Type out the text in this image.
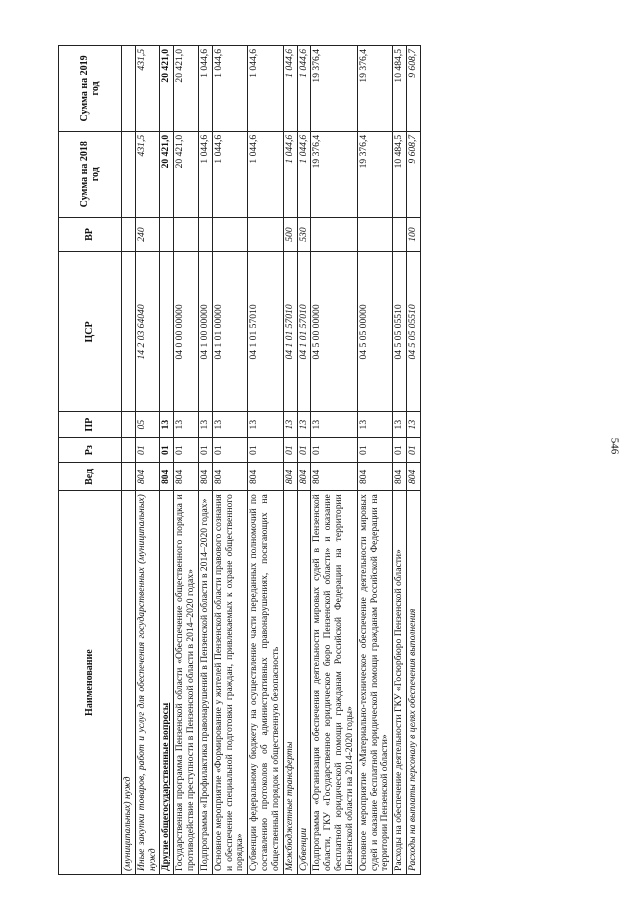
546
Наименование	Вед	Рз	ПР	ЦСР	ВР	Сумма на 2018 год	Сумма на 2019 год
(муниципальных) нужд							
Иные закупки товаров, работ и услуг для обеспечения государственных (муниципальных) нужд	804	01	05	14 2 03 64040	240	431,5	431,5
Другие общегосударственные вопросы	804	01	13			20 421,0	20 421,0
Государственная программа Пензенской области «Обеспечение общественного порядка и противодействие преступности в Пензенской области в 2014–2020 годах»	804	01	13	04 0 00 00000		20 421,0	20 421,0
Подпрограмма «Профилактика правонарушений в Пензенской области в 2014–2020 годах»	804	01	13	04 1 00 00000		1 044,6	1 044,6
Основное мероприятие «Формирование у жителей Пензенской области правового сознания и обеспечение специальной подготовки граждан, привлекаемых к охране общественного порядка»	804	01	13	04 1 01 00000		1 044,6	1 044,6
Субвенции федеральному бюджету на осуществление части переданных полномочий по составлению протоколов об административных правонарушениях, посягающих на общественный порядок и общественную безопасность	804	01	13	04 1 01 57010		1 044,6	1 044,6
Межбюджетные трансферты	804	01	13	04 1 01 57010	500	1 044,6	1 044,6
Субвенции	804	01	13	04 1 01 57010	530	1 044,6	1 044,6
Подпрограмма «Организация обеспечения деятельности мировых судей в Пензенской области, ГКУ «Государственное юридическое бюро Пензенской области» и оказание бесплатной юридической помощи гражданам Российской Федерации на территории Пензенской области на 2014-2020 годы»	804	01	13	04 5 00 00000		19 376,4	19 376,4
Основное мероприятие «Материально-техническое обеспечение деятельности мировых судей и оказание бесплатной юридической помощи гражданам Российской Федерации на территории Пензенской области»	804	01	13	04 5 05 00000		19 376,4	19 376,4
Расходы на обеспечение деятельности ГКУ «Госюрбюро Пензенской области»	804	01	13	04 5 05 05510		10 484,5	10 484,5
Расходы на выплаты персоналу в целях обеспечения выполнения	804	01	13	04 5 05 05510	100	9 608,7	9 608,7
